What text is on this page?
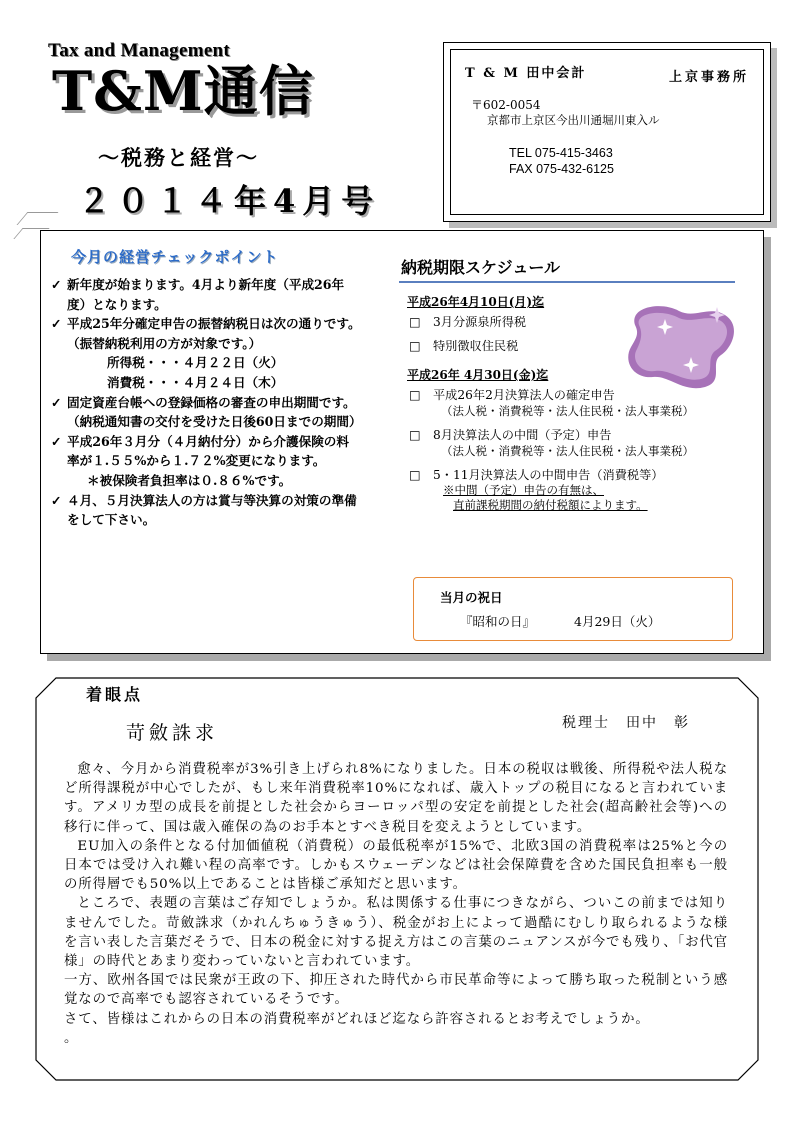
Tax and Management
T&M通信
～税務と経営～
２０１４年4月号
T & M 田中会計	上京事務所
〒602-0054
京都市上京区今出川通堀川東入ル
TEL 075-415-3463
FAX 075-432-6125
今月の経営チェックポイント
✓ 新年度が始まります。4月より新年度（平成26年度）となります。
✓ 平成25年分確定申告の振替納税日は次の通りです。（振替納税利用の方が対象です。）
所得税・・・４月２２日（火）
消費税・・・４月２４日（木）
✓ 固定資産台帳への登録価格の審査の申出期間です。（納税通知書の交付を受けた日後60日までの期間）
✓ 平成26年３月分（４月納付分）から介護保険の料率が１.５５%から１.７２%変更になります。
＊被保険者負担率は０.８６%です。
✓ ４月、５月決算法人の方は賞与等決算の対策の準備をして下さい。
納税期限スケジュール
平成26年4月10日(月)迄
□ 3月分源泉所得税
□ 特別徴収住民税
平成26年 4月30日(金)迄
□ 平成26年2月決算法人の確定申告
（法人税・消費税等・法人住民税・法人事業税）
□ 8月決算法人の中間（予定）申告
（法人税・消費税等・法人住民税・法人事業税）
□ 5・11月決算法人の中間申告（消費税等）
※中間（予定）申告の有無は、
直前課税期間の納付税額によります。
当月の祝日
『昭和の日』	4月29日（火）
着眼点
苛斂誅求	税理士　田中　彰

愈々、今月から消費税率が3%引き上げられ8%になりました。日本の税収は戦後、所得税や法人税など所得課税が中心でしたが、もし来年消費税率10%になれば、歳入トップの税目になると言われています。アメリカ型の成長を前提とした社会からヨーロッパ型の安定を前提とした社会(超高齢社会等)への移行に伴って、国は歳入確保の為のお手本とすべき税目を変えようとしています。

EU加入の条件となる付加価値税（消費税）の最低税率が15%で、北欧3国の消費税率は25%と今の日本では受け入れ難い程の高率です。しかもスウェーデンなどは社会保障費を含めた国民負担率も一般の所得層でも50%以上であることは皆様ご承知だと思います。

ところで、表題の言葉はご存知でしょうか。私は関係する仕事につきながら、ついこの前までは知りませんでした。苛斂誅求（かれんちゅうきゅう）、税金がお上によって過酷にむしり取られるような様を言い表した言葉だそうで、日本の税金に対する捉え方はこの言葉のニュアンスが今でも残り、「お代官様」の時代とあまり変わっていないと言われています。

一方、欧州各国では民衆が王政の下、抑圧された時代から市民革命等によって勝ち取った税制という感覚なので高率でも認容されているそうです。

さて、皆様はこれからの日本の消費税率がどれほど迄なら許容されるとお考えでしょうか。

。
